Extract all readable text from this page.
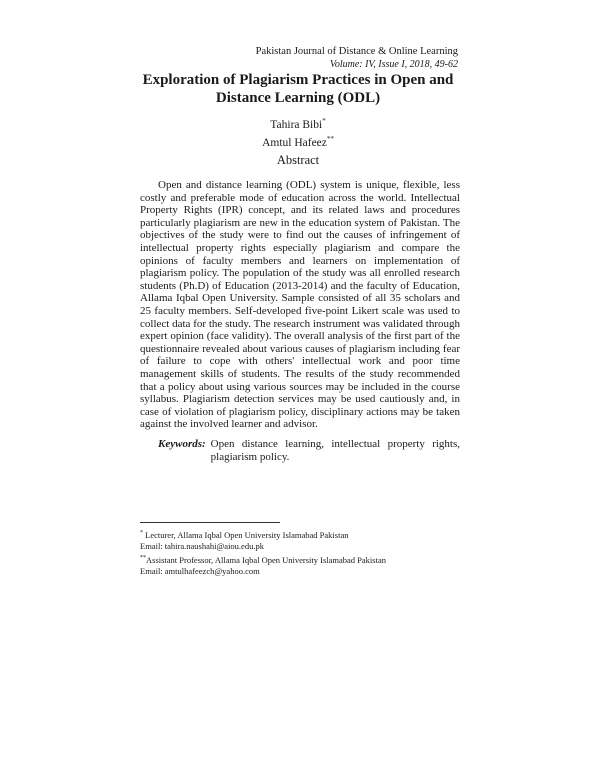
Pakistan Journal of Distance & Online Learning
Volume: IV, Issue I, 2018, 49-62
Exploration of Plagiarism Practices in Open and
Distance Learning (ODL)
Tahira Bibi*
Amtul Hafeez**
Abstract
Open and distance learning (ODL) system is unique, flexible, less costly and preferable mode of education across the world. Intellectual Property Rights (IPR) concept, and its related laws and procedures particularly plagiarism are new in the education system of Pakistan. The objectives of the study were to find out the causes of infringement of intellectual property rights especially plagiarism and compare the opinions of faculty members and learners on implementation of plagiarism policy. The population of the study was all enrolled research students (Ph.D) of Education (2013-2014) and the faculty of Education, Allama Iqbal Open University. Sample consisted of all 35 scholars and 25 faculty members. Self-developed five-point Likert scale was used to collect data for the study. The research instrument was validated through expert opinion (face validity). The overall analysis of the first part of the questionnaire revealed about various causes of plagiarism including fear of failure to cope with others' intellectual work and poor time management skills of students. The results of the study recommended that a policy about using various sources may be included in the course syllabus. Plagiarism detection services may be used cautiously and, in case of violation of plagiarism policy, disciplinary actions may be taken against the involved learner and advisor.
Keywords: Open distance learning, intellectual property rights, plagiarism policy.
* Lecturer, Allama Iqbal Open University Islamabad Pakistan
Email: tahira.naushahi@aiou.edu.pk
**Assistant Professor, Allama Iqbal Open University Islamabad Pakistan
Email: amtulhafeezch@yahoo.com
